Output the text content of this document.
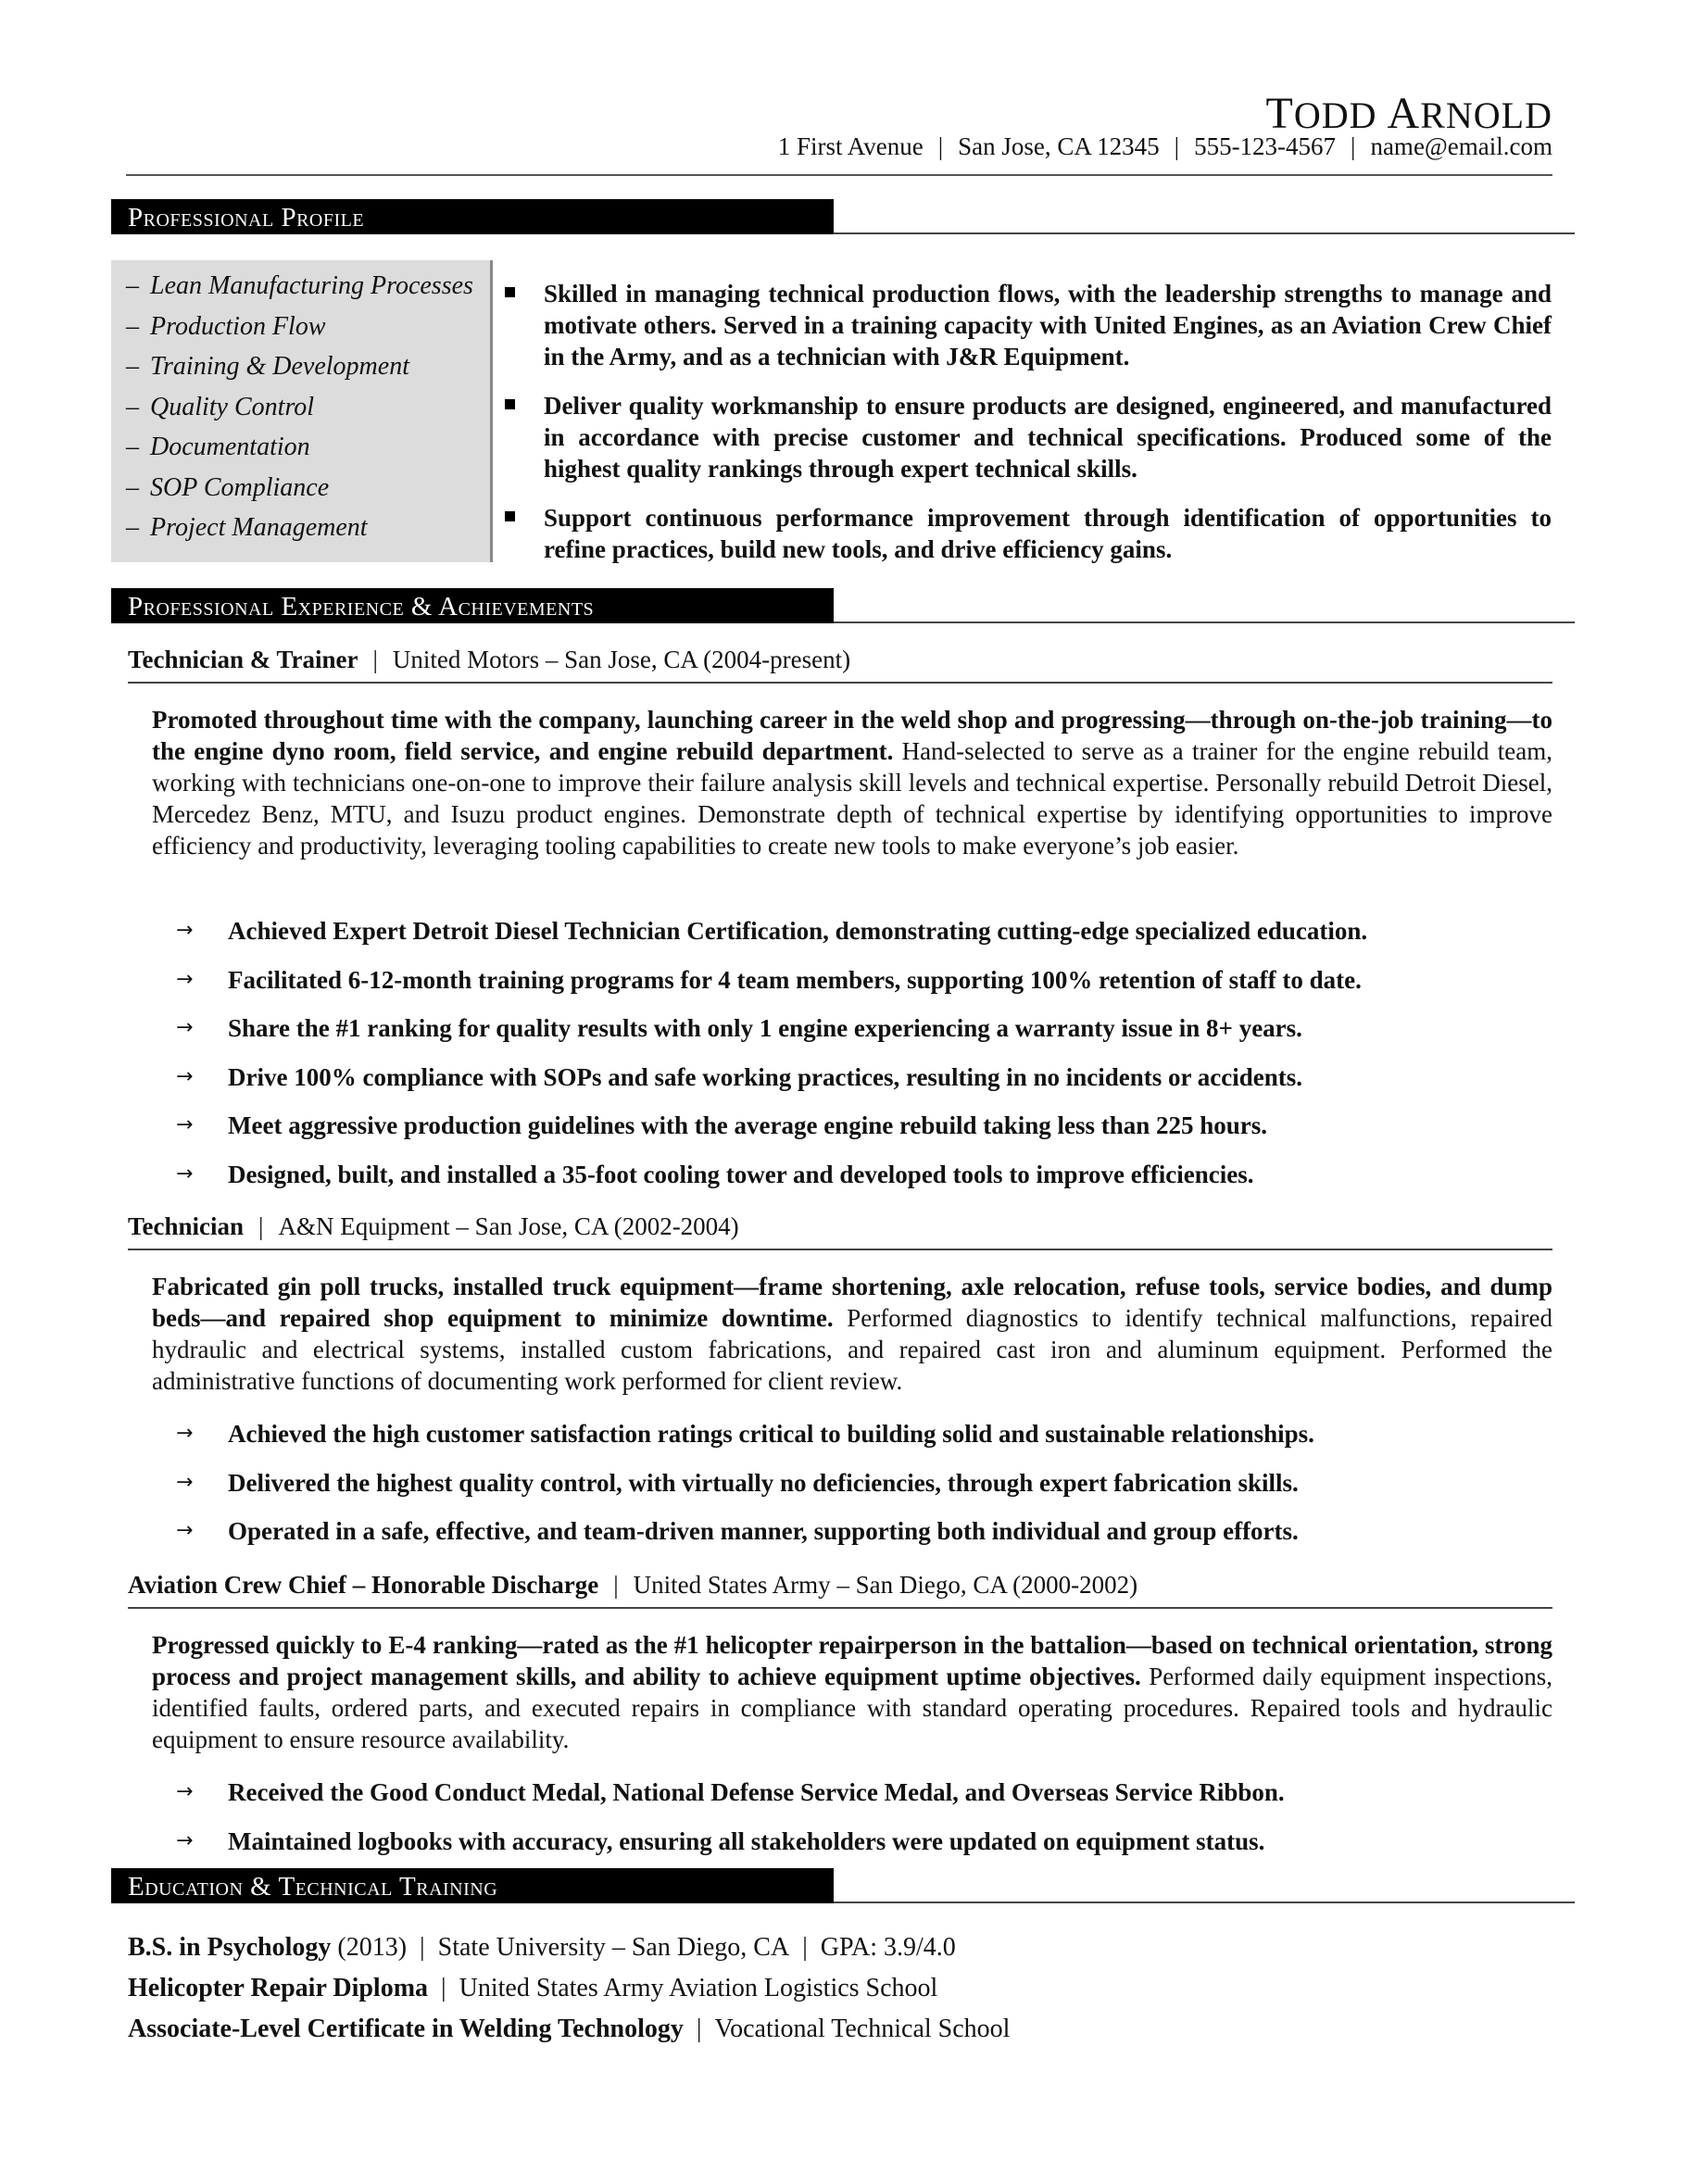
TODD ARNOLD
1 First Avenue | San Jose, CA 12345 | 555-123-4567 | name@email.com
Professional Profile
– Lean Manufacturing Processes
– Production Flow
– Training & Development
– Quality Control
– Documentation
– SOP Compliance
– Project Management
Skilled in managing technical production flows, with the leadership strengths to manage and motivate others. Served in a training capacity with United Engines, as an Aviation Crew Chief in the Army, and as a technician with J&R Equipment.
Deliver quality workmanship to ensure products are designed, engineered, and manufactured in accordance with precise customer and technical specifications. Produced some of the highest quality rankings through expert technical skills.
Support continuous performance improvement through identification of opportunities to refine practices, build new tools, and drive efficiency gains.
Professional Experience & Achievements
Technician & Trainer | United Motors – San Jose, CA (2004-present)
Promoted throughout time with the company, launching career in the weld shop and progressing—through on-the-job training—to the engine dyno room, field service, and engine rebuild department. Hand-selected to serve as a trainer for the engine rebuild team, working with technicians one-on-one to improve their failure analysis skill levels and technical expertise. Personally rebuild Detroit Diesel, Mercedez Benz, MTU, and Isuzu product engines. Demonstrate depth of technical expertise by identifying opportunities to improve efficiency and productivity, leveraging tooling capabilities to create new tools to make everyone’s job easier.
→ Achieved Expert Detroit Diesel Technician Certification, demonstrating cutting-edge specialized education.
→ Facilitated 6-12-month training programs for 4 team members, supporting 100% retention of staff to date.
→ Share the #1 ranking for quality results with only 1 engine experiencing a warranty issue in 8+ years.
→ Drive 100% compliance with SOPs and safe working practices, resulting in no incidents or accidents.
→ Meet aggressive production guidelines with the average engine rebuild taking less than 225 hours.
→ Designed, built, and installed a 35-foot cooling tower and developed tools to improve efficiencies.
Technician | A&N Equipment – San Jose, CA (2002-2004)
Fabricated gin poll trucks, installed truck equipment—frame shortening, axle relocation, refuse tools, service bodies, and dump beds—and repaired shop equipment to minimize downtime. Performed diagnostics to identify technical malfunctions, repaired hydraulic and electrical systems, installed custom fabrications, and repaired cast iron and aluminum equipment. Performed the administrative functions of documenting work performed for client review.
→ Achieved the high customer satisfaction ratings critical to building solid and sustainable relationships.
→ Delivered the highest quality control, with virtually no deficiencies, through expert fabrication skills.
→ Operated in a safe, effective, and team-driven manner, supporting both individual and group efforts.
Aviation Crew Chief – Honorable Discharge | United States Army – San Diego, CA (2000-2002)
Progressed quickly to E-4 ranking—rated as the #1 helicopter repairperson in the battalion—based on technical orientation, strong process and project management skills, and ability to achieve equipment uptime objectives. Performed daily equipment inspections, identified faults, ordered parts, and executed repairs in compliance with standard operating procedures. Repaired tools and hydraulic equipment to ensure resource availability.
→ Received the Good Conduct Medal, National Defense Service Medal, and Overseas Service Ribbon.
→ Maintained logbooks with accuracy, ensuring all stakeholders were updated on equipment status.
Education & Technical Training
B.S. in Psychology (2013) | State University – San Diego, CA | GPA: 3.9/4.0
Helicopter Repair Diploma | United States Army Aviation Logistics School
Associate-Level Certificate in Welding Technology | Vocational Technical School
